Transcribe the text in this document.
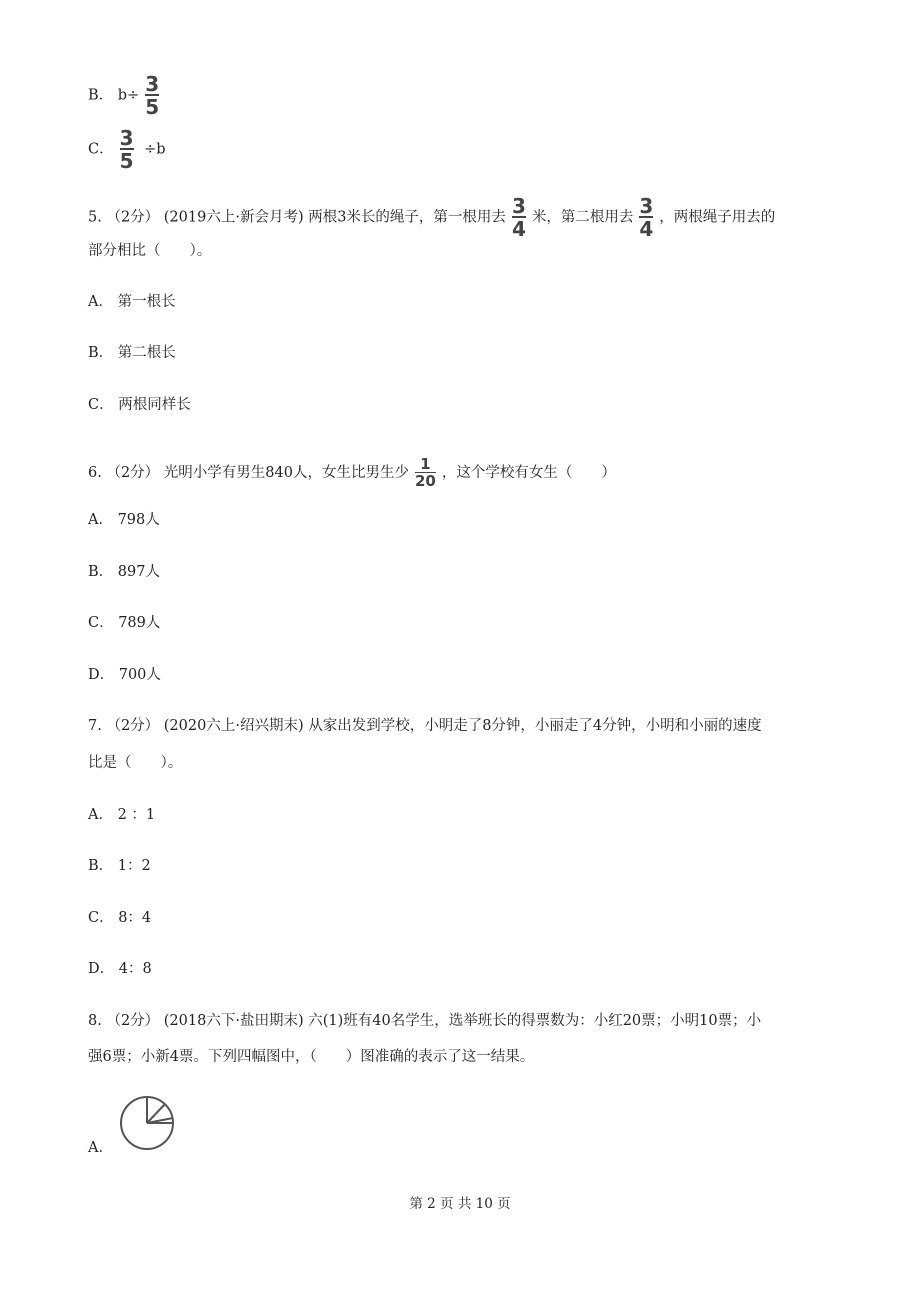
B． $b\div \frac{3}{5}$
C． $\frac{3}{5} \div b$
5. （2分） (2019六上·新会月考) 两根3米长的绳子，第一根用去 $\frac{3}{4}$ 米，第二根用去 $\frac{3}{4}$ ，两根绳子用去的
部分相比（　　）。
A． 第一根长
B． 第二根长
C． 两根同样长
6. （2分） 光明小学有男生840人，女生比男生少 $\frac{1}{20}$ ，这个学校有女生（　　）
A． 798人
B． 897人
C． 789人
D． 700人
7. （2分） (2020六上·绍兴期末) 从家出发到学校，小明走了8分钟，小丽走了4分钟，小明和小丽的速度
比是（　　）。
A． 2 ：1
B． 1：2
C． 8：4
D． 4：8
8. （2分） (2018六下·盐田期末) 六(1)班有40名学生，选举班长的得票数为：小红20票；小明10票；小
强6票；小新4票。下列四幅图中，（　　）图准确的表示了这一结果。
A．
第 2 页 共 10 页
